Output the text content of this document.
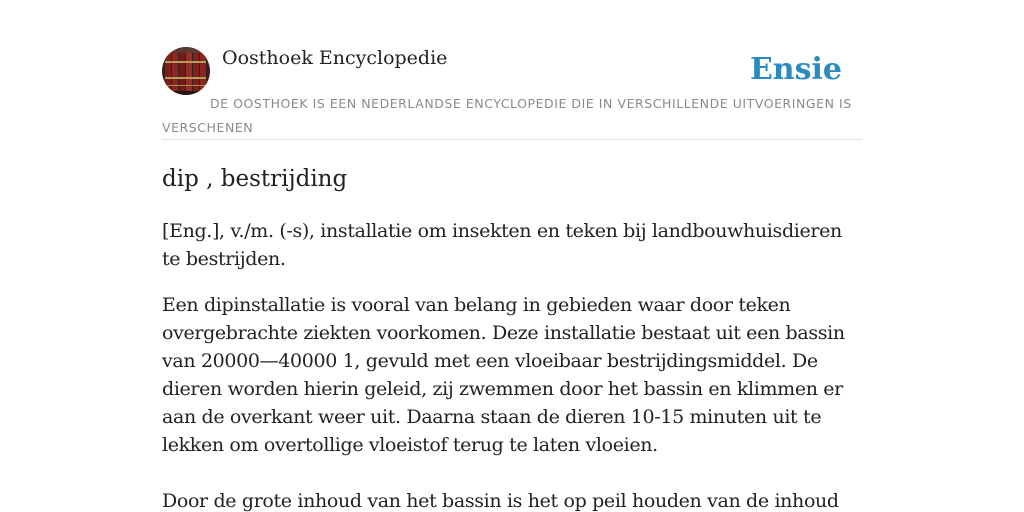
Oosthoek Encyclopedie	Ensie
DE OOSTHOEK IS EEN NEDERLANDSE ENCYCLOPEDIE DIE IN VERSCHILLENDE UITVOERINGEN IS VERSCHENEN
dip , bestrijding

[Eng.], v./m. (-s), installatie om insekten en teken bij landbouwhuisdieren te bestrijden.

Een dipinstallatie is vooral van belang in gebieden waar door teken overgebrachte ziekten voorkomen. Deze installatie bestaat uit een bassin van 20000—40000 1, gevuld met een vloeibaar bestrijdingsmiddel. De dieren worden hierin geleid, zij zwemmen door het bassin en klimmen er aan de overkant weer uit. Daarna staan de dieren 10-15 minuten uit te lekken om overtollige vloeistof terug te laten vloeien.

Door de grote inhoud van het bassin is het op peil houden van de inhoud
